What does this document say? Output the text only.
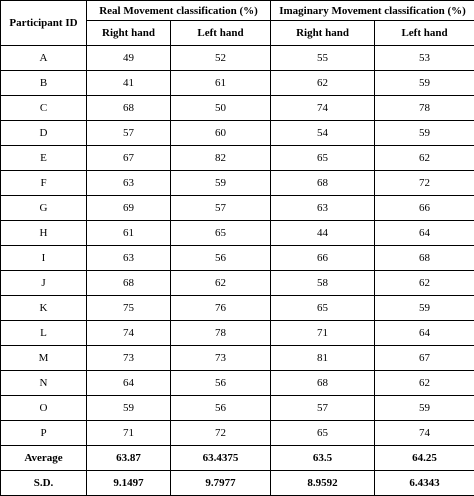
Participant ID	Real Movement classification (%)		Imaginary Movement classification (%)	
	Right hand	Left hand	Right hand	Left hand
A	49	52	55	53
B	41	61	62	59
C	68	50	74	78
D	57	60	54	59
E	67	82	65	62
F	63	59	68	72
G	69	57	63	66
H	61	65	44	64
I	63	56	66	68
J	68	62	58	62
K	75	76	65	59
L	74	78	71	64
M	73	73	81	67
N	64	56	68	62
O	59	56	57	59
P	71	72	65	74
Average	63.87	63.4375	63.5	64.25
S.D.	9.1497	9.7977	8.9592	6.4343
